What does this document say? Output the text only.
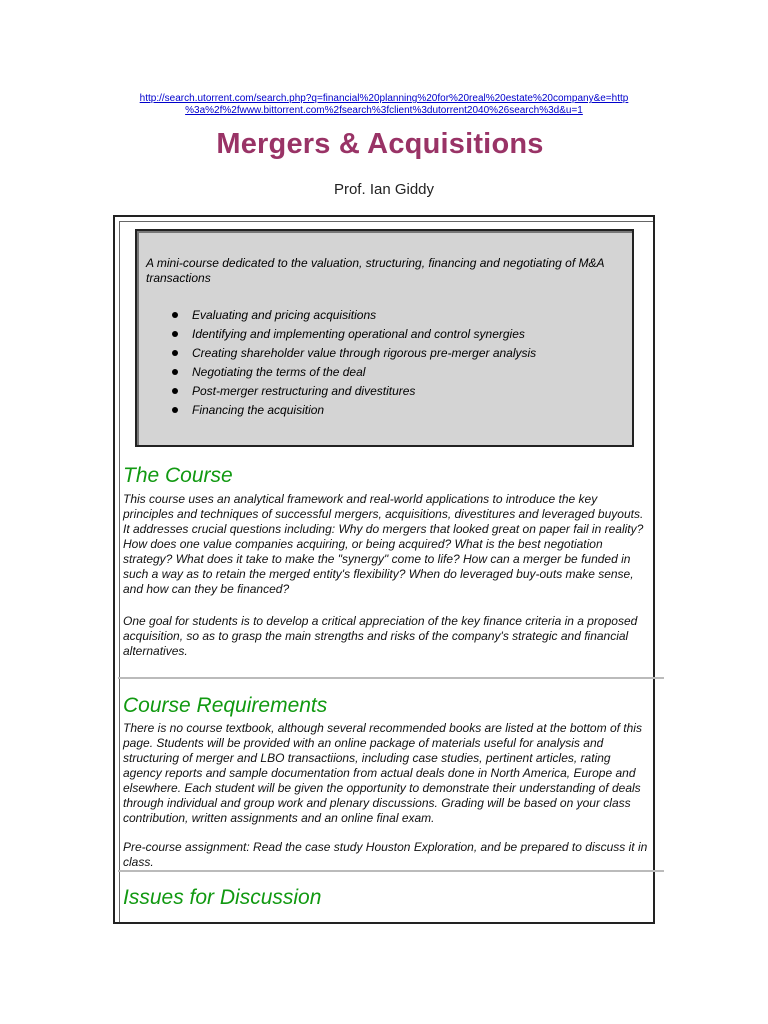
http://search.utorrent.com/search.php?q=financial%20planning%20for%20real%20estate%20company&e=http
%3a%2f%2fwww.bittorrent.com%2fsearch%3fclient%3dutorrent2040%26search%3d&u=1
Mergers & Acquisitions
Prof. Ian Giddy
A mini-course dedicated to the valuation, structuring, financing and negotiating of M&A transactions
Evaluating and pricing acquisitions
Identifying and implementing operational and control synergies
Creating shareholder value through rigorous pre-merger analysis
Negotiating the terms of the deal
Post-merger restructuring and divestitures
Financing the acquisition
The Course
This course uses an analytical framework and real-world applications to introduce the key principles and techniques of successful mergers, acquisitions, divestitures and leveraged buyouts. It addresses crucial questions including: Why do mergers that looked great on paper fail in reality? How does one value companies acquiring, or being acquired? What is the best negotiation strategy? What does it take to make the "synergy" come to life? How can a merger be funded in such a way as to retain the merged entity's flexibility? When do leveraged buy-outs make sense, and how can they be financed?
One goal for students is to develop a critical appreciation of the key finance criteria in a proposed acquisition, so as to grasp the main strengths and risks of the company's strategic and financial alternatives.
Course Requirements
There is no course textbook, although several recommended books are listed at the bottom of this page. Students will be provided with an online package of materials useful for analysis and structuring of merger and LBO transactiions, including case studies, pertinent articles, rating agency reports and sample documentation from actual deals done in North America, Europe and elsewhere. Each student will be given the opportunity to demonstrate their understanding of deals through individual and group work and plenary discussions. Grading will be based on your class contribution, written assignments and an online final exam.
Pre-course assignment: Read the case study Houston Exploration, and be prepared to discuss it in class.
Issues for Discussion
